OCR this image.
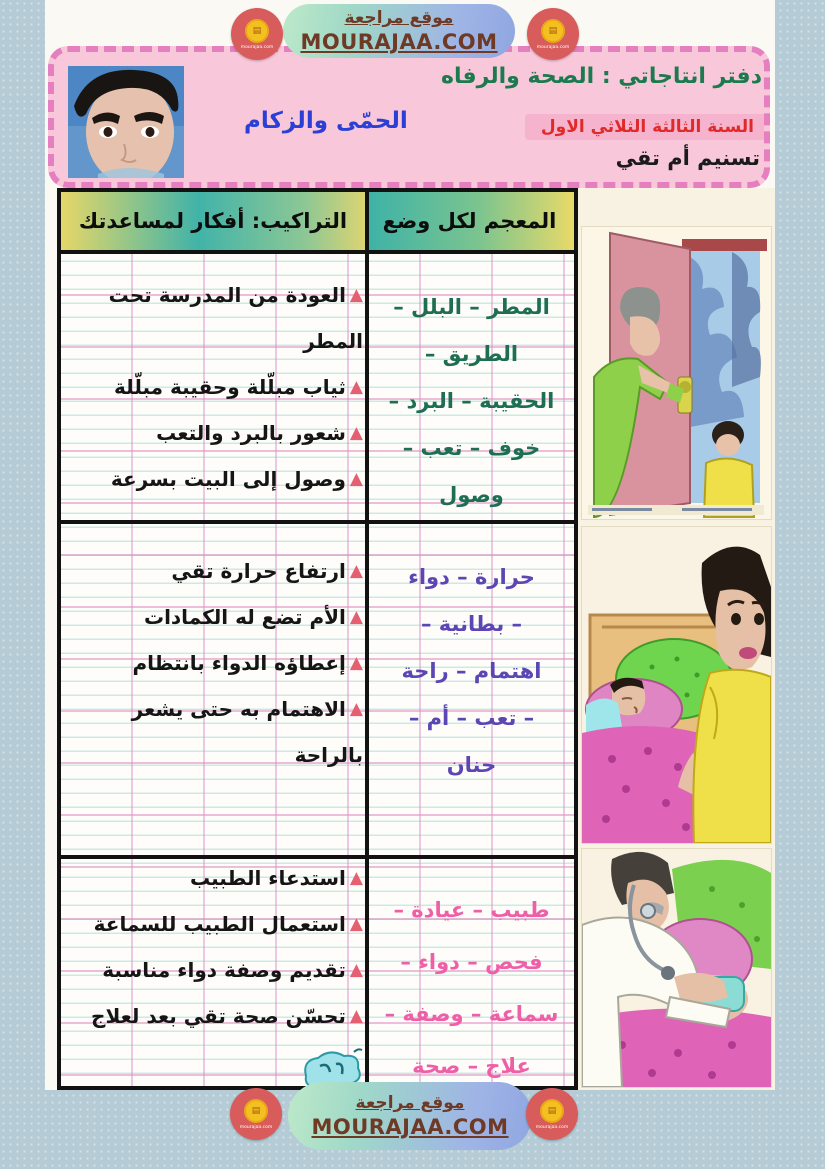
دفتر انتاجاتي : الصحة والرفاه
السنة الثالثة الثلاثي الاول
تسنيم أم تقي
الحمّى والزكام
المعجم لكل وضع
التراكيب: أفكار لمساعدتك
المطر – البلل –
الطريق –
الحقيبة – البرد –
خوف – تعب –
وصول
▲العودة من المدرسة تحت المطر
▲ثياب مبلّلة وحقيبة مبلّلة
▲شعور بالبرد والتعب
▲وصول إلى البيت بسرعة
حرارة – دواء
– بطانية –
اهتمام – راحة
– تعب – أم –
حنان
▲ارتفاع حرارة تقي
▲الأم تضع له الكمادات
▲إعطاؤه الدواء بانتظام
▲الاهتمام به حتى يشعر بالراحة
طبيب – عيادة –
فحص – دواء –
سماعة – وصفة –
علاج – صحة
▲استدعاء الطبيب
▲استعمال الطبيب للسماعة
▲تقديم وصفة دواء مناسبة
▲تحسّن صحة تقي بعد لعلاج
موقع مراجعة
MOURAJAA.COM
▤
mourajaa.com
▤
mourajaa.com
موقع مراجعة
MOURAJAA.COM
▤
mourajaa.com
▤
mourajaa.com
